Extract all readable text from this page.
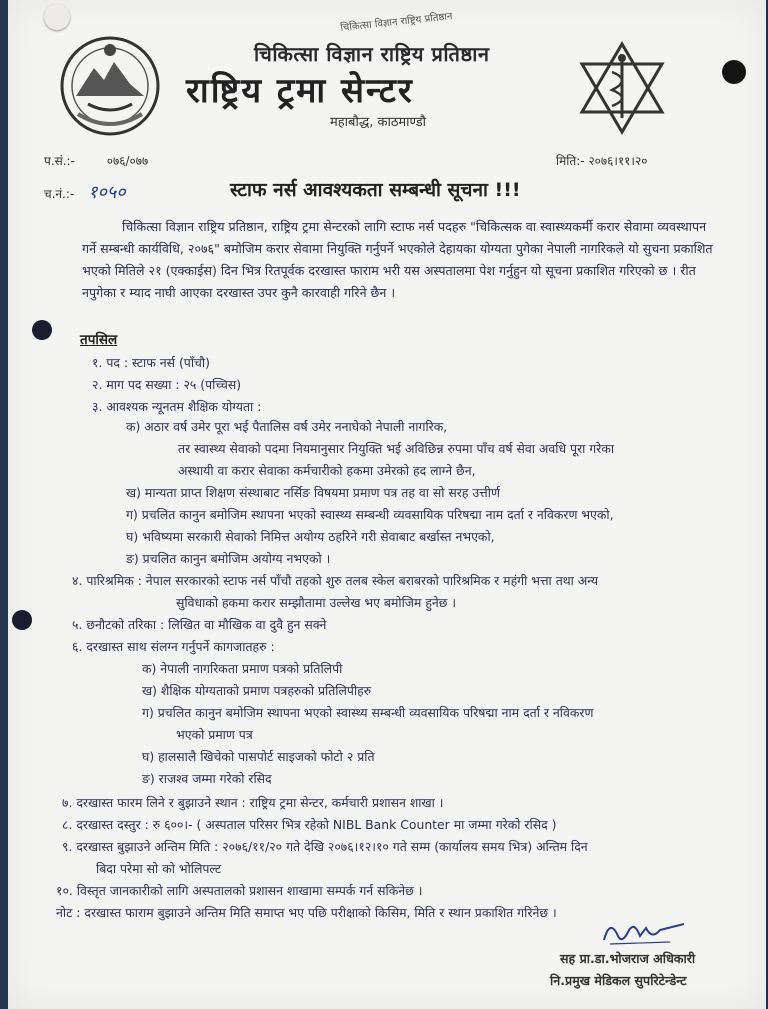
चिकित्सा विज्ञान राष्ट्रिय प्रतिष्ठान
चिकित्सा विज्ञान राष्ट्रिय प्रतिष्ठान
राष्ट्रिय ट्रमा सेन्टर
महाबौद्ध, काठमाण्डौ
प.सं.:-	०७६/०७७
च.नं.:- १०५०
मिति:- २०७६।११।२०
स्टाफ नर्स आवश्यकता सम्बन्धी सूचना !!!
चिकित्सा विज्ञान राष्ट्रिय प्रतिष्ठान, राष्ट्रिय ट्रमा सेन्टरको लागि स्टाफ नर्स पदहरु "चिकित्सक वा स्वास्थ्यकर्मी करार सेवामा व्यवस्थापन गर्ने सम्बन्धी कार्यविधि, २०७६" बमोजिम करार सेवामा नियुक्ति गर्नुपर्ने भएकोले देहायका योग्यता पुगेका नेपाली नागरिकले यो सुचना प्रकाशित भएको मितिले २१ (एक्काईस) दिन भित्र रितपूर्वक दरखास्त फाराम भरी यस अस्पतालमा पेश गर्नुहुन यो सूचना प्रकाशित गरिएको छ । रीत नपुगेका र म्याद नाघी आएका दरखास्त उपर कुनै कारवाही गरिने छैन ।
तपसिल
१. पद : स्टाफ नर्स (पाँचौ)
२. माग पद सख्या : २५ (पच्चिस)
३. आवश्यक न्यूनतम शैक्षिक योग्यता :
क) अठार वर्ष उमेर पूरा भई पैतालिस वर्ष उमेर ननाघेको नेपाली नागरिक,
तर स्वास्थ्य सेवाको पदमा नियमानुसार नियुक्ति भई अविछिन्न रुपमा पाँच वर्ष सेवा अवधि पूरा गरेका
अस्थायी वा करार सेवाका कर्मचारीको हकमा उमेरको हद लाग्ने छैन,
ख) मान्यता प्राप्त शिक्षण संस्थाबाट नर्सिङ विषयमा प्रमाण पत्र तह वा सो सरह उत्तीर्ण
ग) प्रचलित कानुन बमोजिम स्थापना भएको स्वास्थ्य सम्बन्धी व्यवसायिक परिषद्मा नाम दर्ता र नविकरण भएको,
घ) भविष्यमा सरकारी सेवाको निमित्त अयोग्य ठहरिने गरी सेवाबाट बर्खास्त नभएको,
ङ) प्रचलित कानुन बमोजिम अयोग्य नभएको ।
४. पारिश्रमिक : नेपाल सरकारको स्टाफ नर्स पाँचौ तहको शुरु तलब स्केल बराबरको पारिश्रमिक र महंगी भत्ता तथा अन्य
सुविधाको हकमा करार सम्झौतामा उल्लेख भए बमोजिम हुनेछ ।
५. छनौटको तरिका : लिखित वा मौखिक वा दुवै हुन सक्ने
६. दरखास्त साथ संलग्न गर्नुपर्ने कागजातहरु :
क) नेपाली नागरिकता प्रमाण पत्रको प्रतिलिपी
ख) शैक्षिक योग्यताको प्रमाण पत्रहरुको प्रतिलिपीहरु
ग) प्रचलित कानुन बमोजिम स्थापना भएको स्वास्थ्य सम्बन्धी व्यवसायिक परिषद्मा नाम दर्ता र नविकरण
भएको प्रमाण पत्र
घ) हालसालै खिचेको पासपोर्ट साइजको फोटो २ प्रति
ङ) राजश्व जम्मा गरेको रसिद
७. दरखास्त फारम लिने र बुझाउने स्थान : राष्ट्रिय ट्रमा सेन्टर, कर्मचारी प्रशासन शाखा ।
८. दरखास्त दस्तुर : रु ६००।- ( अस्पताल परिसर भित्र रहेको NIBL Bank Counter मा जम्मा गरेको रसिद )
९. दरखास्त बुझाउने अन्तिम मिति : २०७६/११/२० गते देखि २०७६।१२।१० गते सम्म (कार्यालय समय भित्र) अन्तिम दिन
बिदा परेमा सो को भोलिपल्ट
१०. विस्तृत जानकारीको लागि अस्पतालको प्रशासन शाखामा सम्पर्क गर्न सकिनेछ ।
नोट : दरखास्त फाराम बुझाउने अन्तिम मिति समाप्त भए पछि परीक्षाको किसिम, मिति र स्थान प्रकाशित गरिनेछ ।
सह प्रा.डा.भोजराज अधिकारी
नि.प्रमुख मेडिकल सुपरिटेन्डेन्ट
